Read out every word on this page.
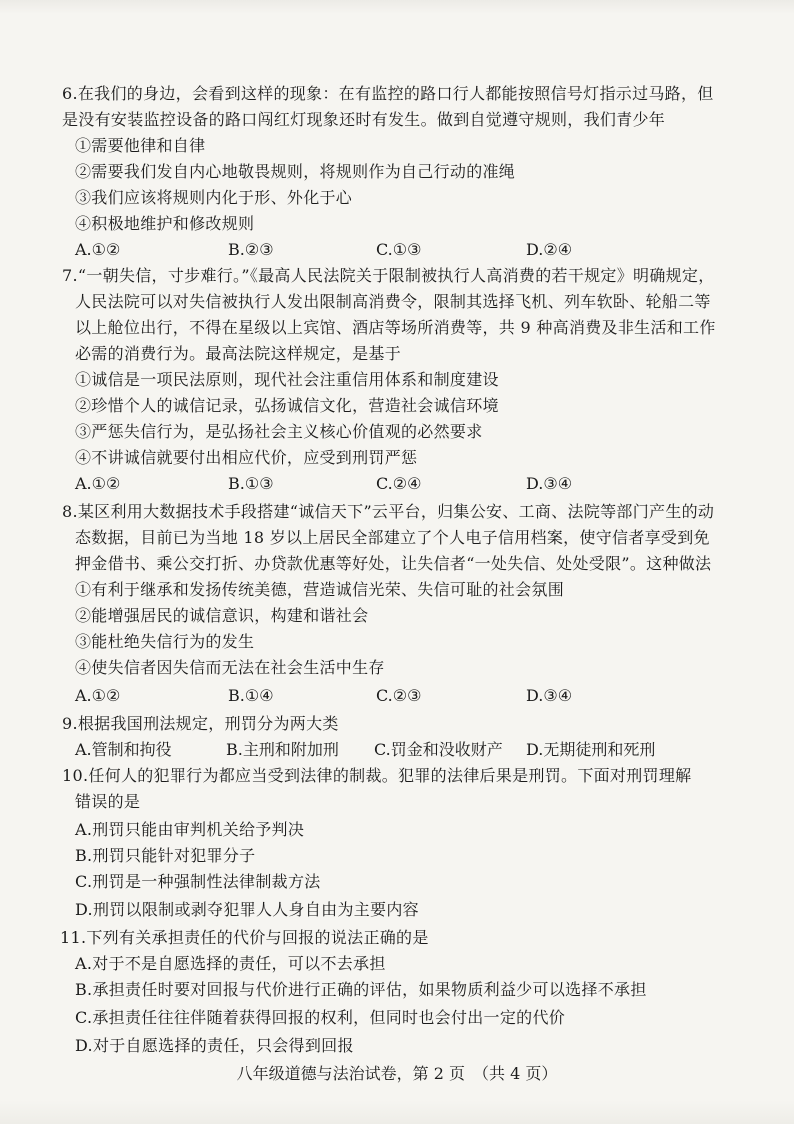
6.在我们的身边，会看到这样的现象：在有监控的路口行人都能按照信号灯指示过马路，但
是没有安装监控设备的路口闯红灯现象还时有发生。做到自觉遵守规则，我们青少年
①需要他律和自律
②需要我们发自内心地敬畏规则，将规则作为自己行动的准绳
③我们应该将规则内化于形、外化于心
④积极地维护和修改规则
A.①②	B.②③	C.①③	D.②④
7.“一朝失信，寸步难行。”《最高人民法院关于限制被执行人高消费的若干规定》明确规定，
人民法院可以对失信被执行人发出限制高消费令，限制其选择飞机、列车软卧、轮船二等
以上舱位出行，不得在星级以上宾馆、酒店等场所消费等，共 9 种高消费及非生活和工作
必需的消费行为。最高法院这样规定，是基于
①诚信是一项民法原则，现代社会注重信用体系和制度建设
②珍惜个人的诚信记录，弘扬诚信文化，营造社会诚信环境
③严惩失信行为，是弘扬社会主义核心价值观的必然要求
④不讲诚信就要付出相应代价，应受到刑罚严惩
A.①②	B.①③	C.②④	D.③④
8.某区利用大数据技术手段搭建“诚信天下”云平台，归集公安、工商、法院等部门产生的动
态数据，目前已为当地 18 岁以上居民全部建立了个人电子信用档案，使守信者享受到免
押金借书、乘公交打折、办贷款优惠等好处，让失信者“一处失信、处处受限”。这种做法
①有利于继承和发扬传统美德，营造诚信光荣、失信可耻的社会氛围
②能增强居民的诚信意识，构建和谐社会
③能杜绝失信行为的发生
④使失信者因失信而无法在社会生活中生存
A.①②	B.①④	C.②③	D.③④
9.根据我国刑法规定，刑罚分为两大类
A.管制和拘役	B.主刑和附加刑 C.罚金和没收财产 D.无期徒刑和死刑
10.任何人的犯罪行为都应当受到法律的制裁。犯罪的法律后果是刑罚。下面对刑罚理解
错误的是
A.刑罚只能由审判机关给予判决
B.刑罚只能针对犯罪分子
C.刑罚是一种强制性法律制裁方法
D.刑罚以限制或剥夺犯罪人人身自由为主要内容
11.下列有关承担责任的代价与回报的说法正确的是
A.对于不是自愿选择的责任，可以不去承担
B.承担责任时要对回报与代价进行正确的评估，如果物质利益少可以选择不承担
C.承担责任往往伴随着获得回报的权利，但同时也会付出一定的代价
D.对于自愿选择的责任，只会得到回报
八年级道德与法治试卷，第 2 页　（共 4 页）
